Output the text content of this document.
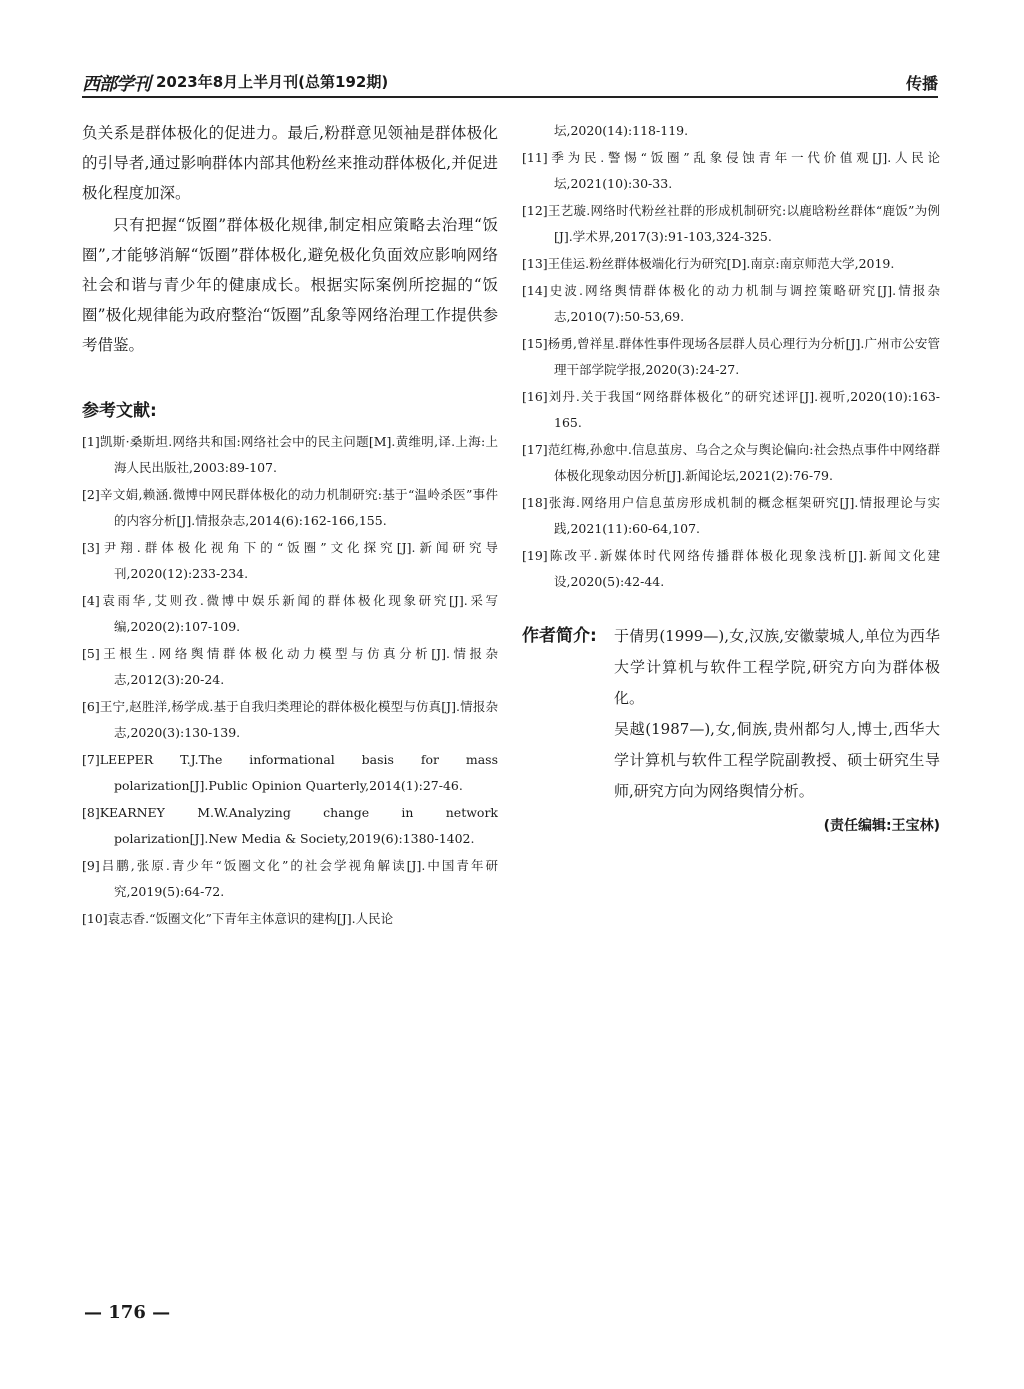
西部学刊 2023年8月上半月刊(总第192期)	传播

负关系是群体极化的促进力。最后,粉群意见领袖是群体极化的引导者,通过影响群体内部其他粉丝来推动群体极化,并促进极化程度加深。

只有把握“饭圈”群体极化规律,制定相应策略去治理“饭圈”,才能够消解“饭圈”群体极化,避免极化负面效应影响网络社会和谐与青少年的健康成长。根据实际案例所挖掘的“饭圈”极化规律能为政府整治“饭圈”乱象等网络治理工作提供参考借鉴。

参考文献:

[1]凯斯·桑斯坦.网络共和国:网络社会中的民主问题[M].黄维明,译.上海:上海人民出版社,2003:89-107.

[2]辛文娟,赖涵.微博中网民群体极化的动力机制研究:基于“温岭杀医”事件的内容分析[J].情报杂志,2014(6):162-166,155.

[3]尹翔.群体极化视角下的“饭圈”文化探究[J].新闻研究导刊,2020(12):233-234.

[4]袁雨华,艾则孜.微博中娱乐新闻的群体极化现象研究[J].采写编,2020(2):107-109.

[5]王根生.网络舆情群体极化动力模型与仿真分析[J].情报杂志,2012(3):20-24.

[6]王宁,赵胜洋,杨学成.基于自我归类理论的群体极化模型与仿真[J].情报杂志,2020(3):130-139.

[7]LEEPER T.J.The informational basis for mass polarization[J].Public Opinion Quarterly,2014(1):27-46.

[8]KEARNEY M.W.Analyzing change in network polarization[J].New Media & Society,2019(6):1380-1402.

[9]吕鹏,张原.青少年“饭圈文化”的社会学视角解读[J].中国青年研究,2019(5):64-72.

[10]袁志香.“饭圈文化”下青年主体意识的建构[J].人民论

坛,2020(14):118-119.

[11]季为民.警惕“饭圈”乱象侵蚀青年一代价值观[J].人民论坛,2021(10):30-33.

[12]王艺璇.网络时代粉丝社群的形成机制研究:以鹿晗粉丝群体“鹿饭”为例[J].学术界,2017(3):91-103,324-325.

[13]王佳运.粉丝群体极端化行为研究[D].南京:南京师范大学,2019.

[14]史波.网络舆情群体极化的动力机制与调控策略研究[J].情报杂志,2010(7):50-53,69.

[15]杨勇,曾祥星.群体性事件现场各层群人员心理行为分析[J].广州市公安管理干部学院学报,2020(3):24-27.

[16]刘丹.关于我国“网络群体极化”的研究述评[J].视听,2020(10):163-165.

[17]范红梅,孙愈中.信息茧房、乌合之众与舆论偏向:社会热点事件中网络群体极化现象动因分析[J].新闻论坛,2021(2):76-79.

[18]张海.网络用户信息茧房形成机制的概念框架研究[J].情报理论与实践,2021(11):60-64,107.

[19]陈改平.新媒体时代网络传播群体极化现象浅析[J].新闻文化建设,2020(5):42-44.

作者简介: 于倩男(1999—),女,汉族,安徽蒙城人,单位为西华大学计算机与软件工程学院,研究方向为群体极化。

吴越(1987—),女,侗族,贵州都匀人,博士,西华大学计算机与软件工程学院副教授、硕士研究生导师,研究方向为网络舆情分析。

(责任编辑:王宝林)
— 176 —
